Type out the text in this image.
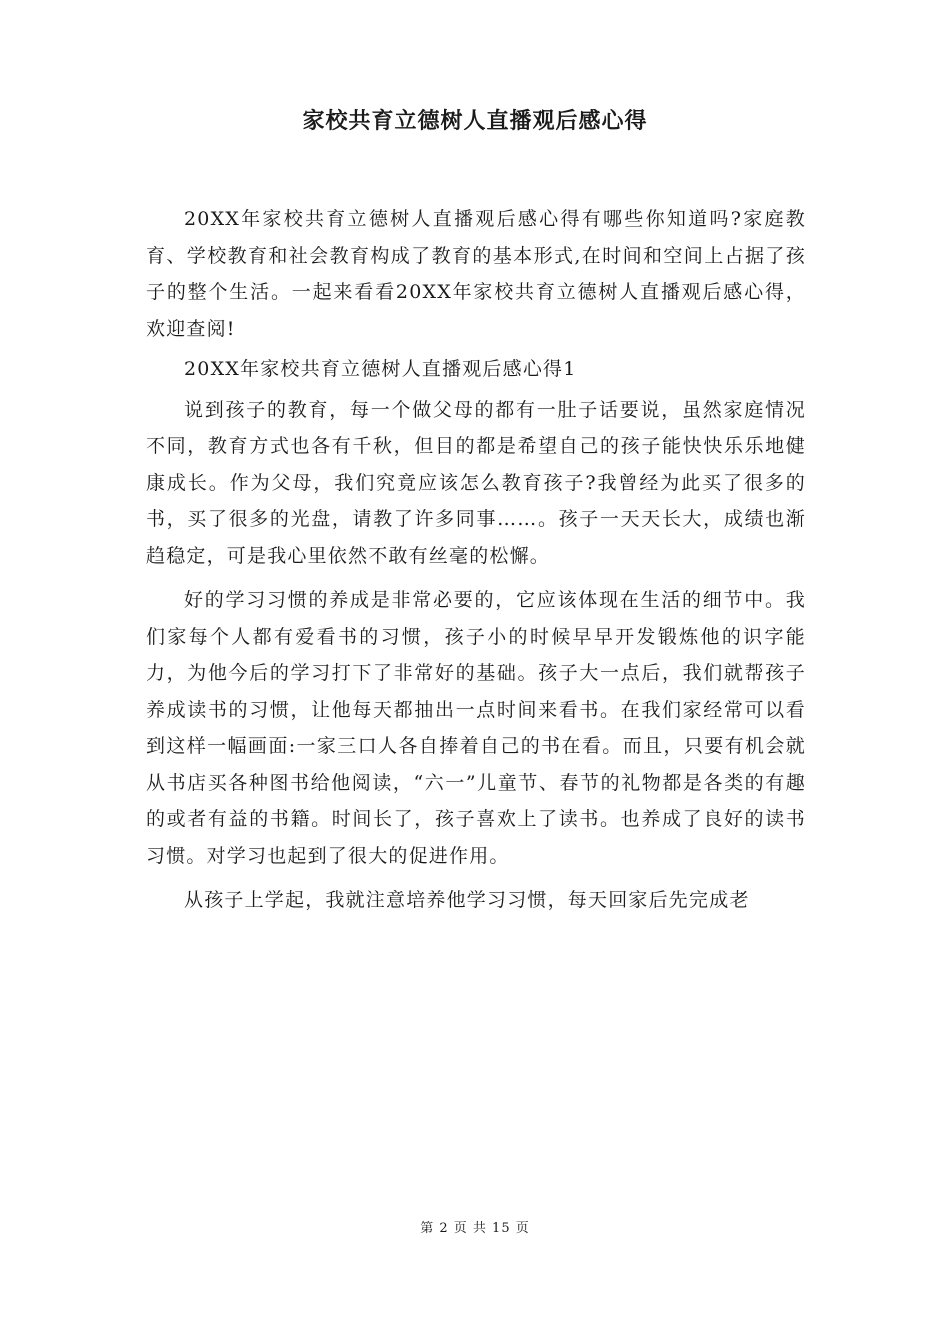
家校共育立德树人直播观后感心得

20XX年家校共育立德树人直播观后感心得有哪些你知道吗?家庭教育、学校教育和社会教育构成了教育的基本形式,在时间和空间上占据了孩子的整个生活。一起来看看20XX年家校共育立德树人直播观后感心得，欢迎查阅!

20XX年家校共育立德树人直播观后感心得1

说到孩子的教育，每一个做父母的都有一肚子话要说，虽然家庭情况不同，教育方式也各有千秋，但目的都是希望自己的孩子能快快乐乐地健康成长。作为父母，我们究竟应该怎么教育孩子?我曾经为此买了很多的书，买了很多的光盘，请教了许多同事……。孩子一天天长大，成绩也渐趋稳定，可是我心里依然不敢有丝毫的松懈。

好的学习习惯的养成是非常必要的，它应该体现在生活的细节中。我们家每个人都有爱看书的习惯，孩子小的时候早早开发锻炼他的识字能力，为他今后的学习打下了非常好的基础。孩子大一点后，我们就帮孩子养成读书的习惯，让他每天都抽出一点时间来看书。在我们家经常可以看到这样一幅画面:一家三口人各自捧着自己的书在看。而且，只要有机会就从书店买各种图书给他阅读，“六一”儿童节、春节的礼物都是各类的有趣的或者有益的书籍。时间长了，孩子喜欢上了读书。也养成了良好的读书习惯。对学习也起到了很大的促进作用。

从孩子上学起，我就注意培养他学习习惯，每天回家后先完成老

第 2 页 共 15 页
